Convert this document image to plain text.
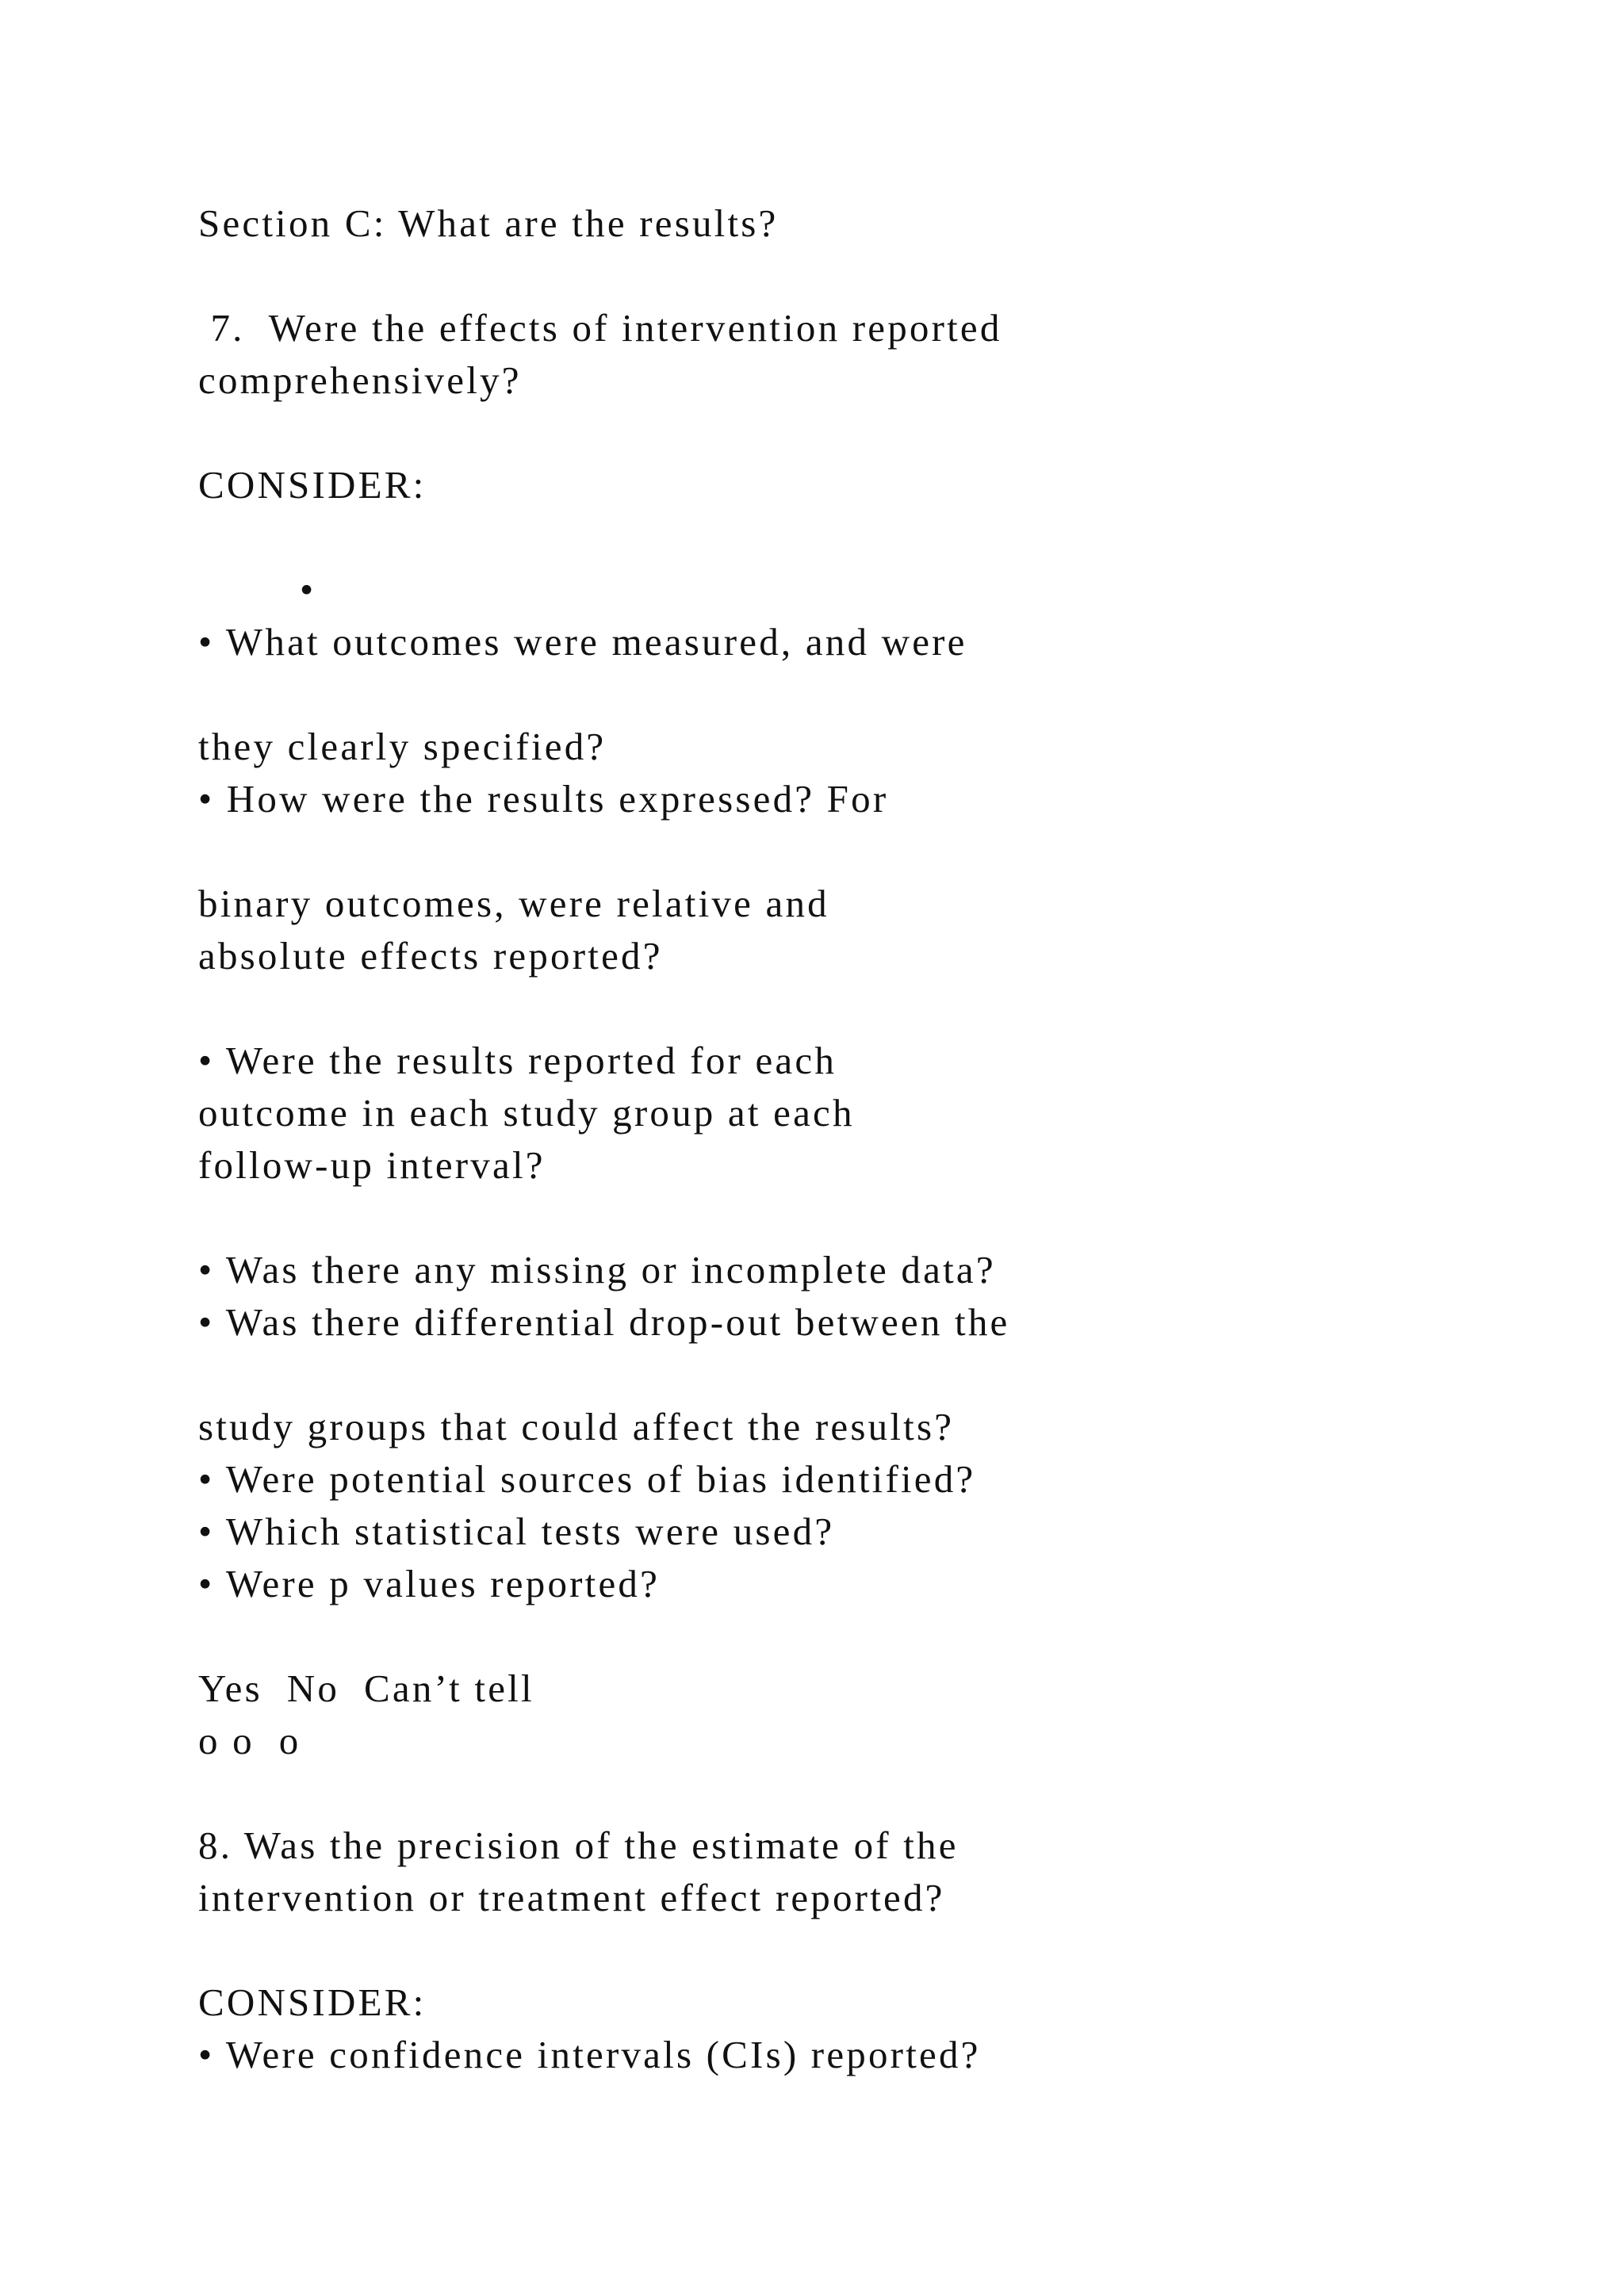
Section C: What are the results?
7.  Were the effects of intervention reported
comprehensively?
CONSIDER:
•
• What outcomes were measured, and were
they clearly specified?
• How were the results expressed? For
binary outcomes, were relative and
absolute effects reported?
• Were the results reported for each
outcome in each study group at each
follow-up interval?
• Was there any missing or incomplete data?
• Was there differential drop-out between the
study groups that could affect the results?
• Were potential sources of bias identified?
• Which statistical tests were used?
• Were p values reported?
Yes  No  Can’t tell
o o  o
8. Was the precision of the estimate of the
intervention or treatment effect reported?
CONSIDER:
• Were confidence intervals (CIs) reported?
